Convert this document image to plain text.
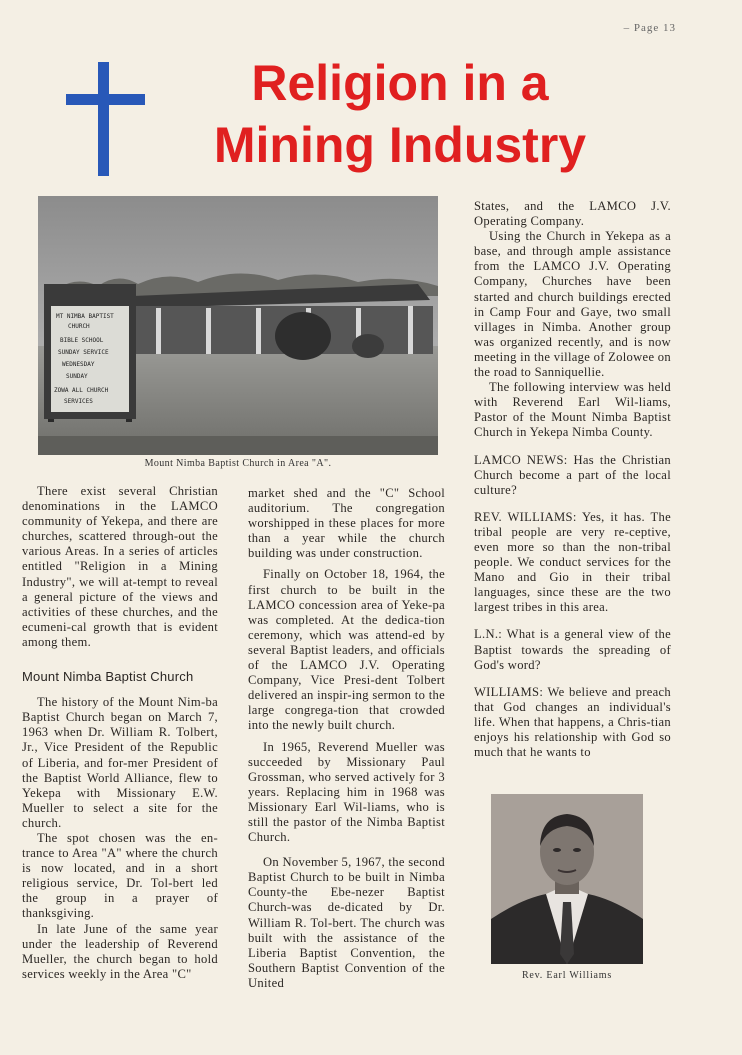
– Page 13
Religion in a
Mining Industry
MT NIMBA BAPTIST
CHURCH
BIBLE SCHOOL
SUNDAY SERVICE
WEDNESDAY
SUNDAY
ZOWA ALL CHURCH
SERVICES
Mount Nimba Baptist Church in Area "A".

There exist several Christian denominations in the LAMCO community of Yekepa, and there are churches, scattered through-out the various Areas. In a series of articles entitled "Religion in a Mining Industry", we will at-tempt to reveal a general picture of the views and activities of these churches, and the ecumeni-cal growth that is evident among them.

Mount Nimba Baptist Church

The history of the Mount Nim-ba Baptist Church began on March 7, 1963 when Dr. William R. Tolbert, Jr., Vice President of the Republic of Liberia, and for-mer President of the Baptist World Alliance, flew to Yekepa with Missionary E.W. Mueller to select a site for the church.

The spot chosen was the en-trance to Area "A" where the church is now located, and in a short religious service, Dr. Tol-bert led the group in a prayer of thanksgiving.

In late June of the same year under the leadership of Reverend Mueller, the church began to hold services weekly in the Area "C"

market shed and the "C" School auditorium. The congregation worshipped in these places for more than a year while the church building was under construction.

Finally on October 18, 1964, the first church to be built in the LAMCO concession area of Yeke-pa was completed. At the dedica-tion ceremony, which was attend-ed by several Baptist leaders, and officials of the LAMCO J.V. Operating Company, Vice Presi-dent Tolbert delivered an inspir-ing sermon to the large congrega-tion that crowded into the newly built church.

In 1965, Reverend Mueller was succeeded by Missionary Paul Grossman, who served actively for 3 years. Replacing him in 1968 was Missionary Earl Wil-liams, who is still the pastor of the Nimba Baptist Church.

On November 5, 1967, the second Baptist Church to be built in Nimba County-the Ebe-nezer Baptist Church-was de-dicated by Dr. William R. Tol-bert. The church was built with the assistance of the Liberia Baptist Convention, the Southern Baptist Convention of the United

States, and the LAMCO J.V. Operating Company.

Using the Church in Yekepa as a base, and through ample assistance from the LAMCO J.V. Operating Company, Churches have been started and church buildings erected in Camp Four and Gaye, two small villages in Nimba. Another group was organized recently, and is now meeting in the village of Zolowee on the road to Sanniquellie.

The following interview was held with Reverend Earl Wil-liams, Pastor of the Mount Nimba Baptist Church in Yekepa Nimba County.

LAMCO NEWS: Has the Christian Church become a part of the local culture?

REV. WILLIAMS: Yes, it has. The tribal people are very re-ceptive, even more so than the non-tribal people. We conduct services for the Mano and Gio in their tribal languages, since these are the two largest tribes in this area.

L.N.: What is a general view of the Baptist towards the spreading of God's word?

WILLIAMS: We believe and preach that God changes an individual's life. When that happens, a Chris-tian enjoys his relationship with God so much that he wants to

Rev. Earl Williams
